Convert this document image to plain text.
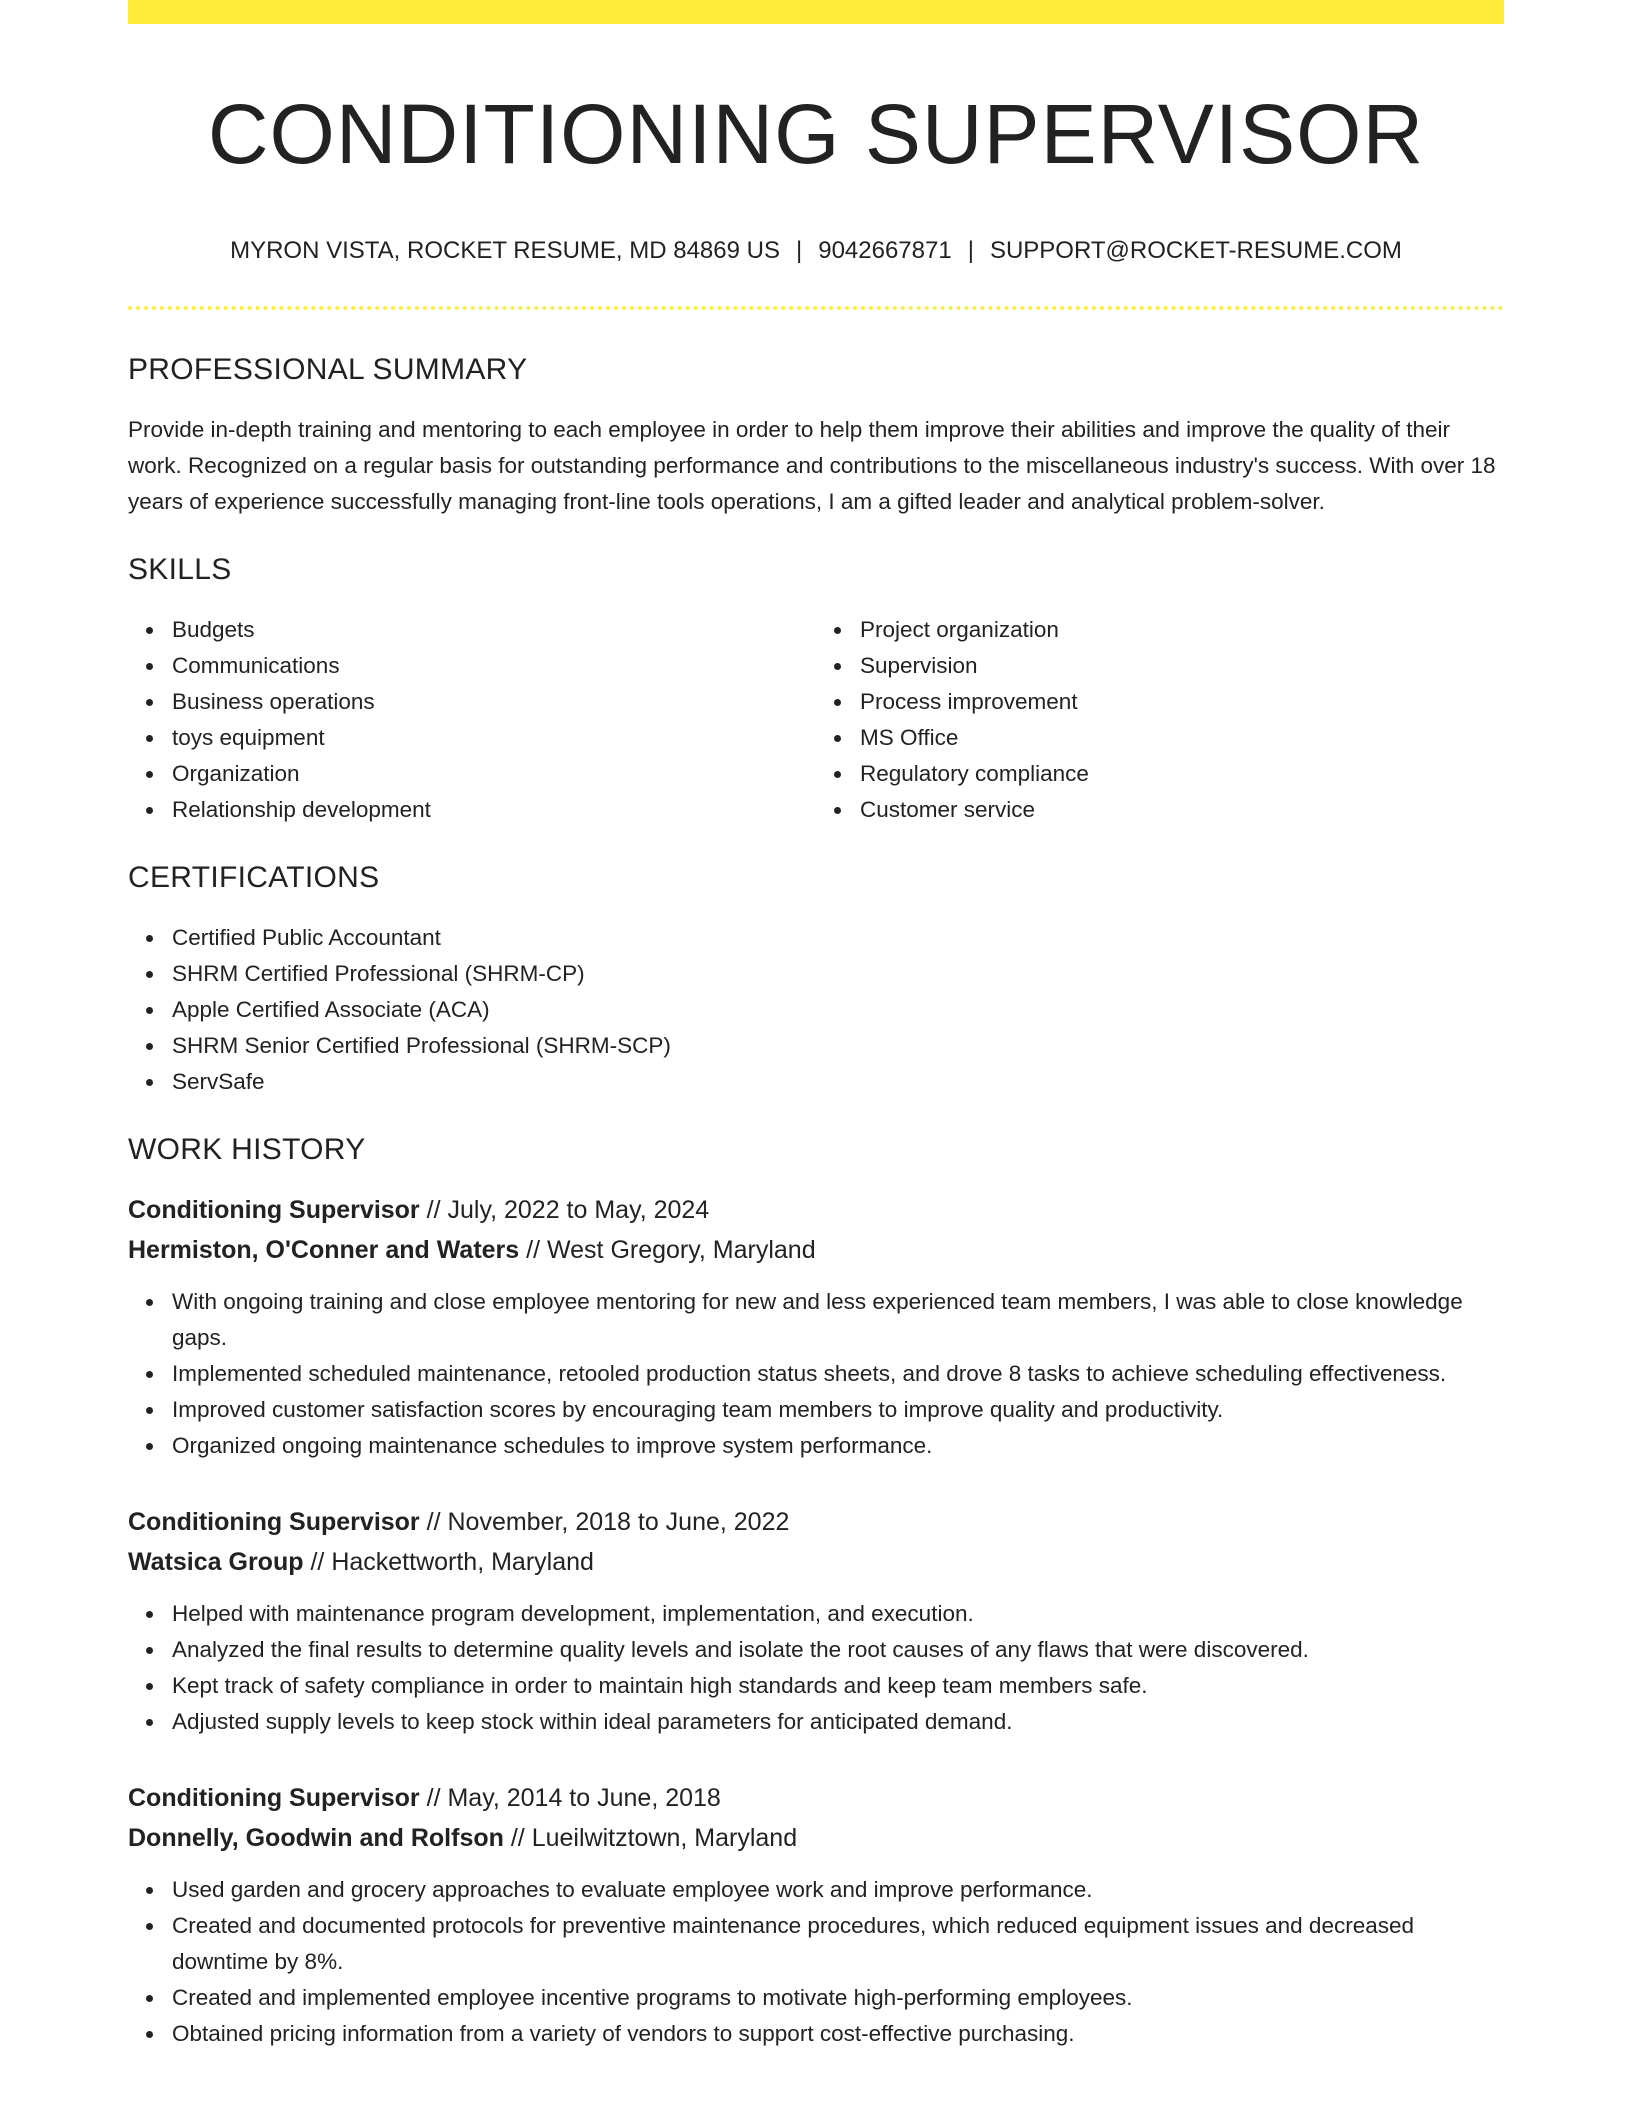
CONDITIONING SUPERVISOR
MYRON VISTA, ROCKET RESUME, MD 84869 US | 9042667871 | SUPPORT@ROCKET-RESUME.COM
PROFESSIONAL SUMMARY

Provide in-depth training and mentoring to each employee in order to help them improve their abilities and improve the quality of their work. Recognized on a regular basis for outstanding performance and contributions to the miscellaneous industry's success. With over 18 years of experience successfully managing front-line tools operations, I am a gifted leader and analytical problem-solver.

SKILLS
Budgets
Communications
Business operations
toys equipment
Organization
Relationship development
Project organization
Supervision
Process improvement
MS Office
Regulatory compliance
Customer service
CERTIFICATIONS
Certified Public Accountant
SHRM Certified Professional (SHRM-CP)
Apple Certified Associate (ACA)
SHRM Senior Certified Professional (SHRM-SCP)
ServSafe
WORK HISTORY
Conditioning Supervisor // July, 2022 to May, 2024
Hermiston, O'Conner and Waters // West Gregory, Maryland
With ongoing training and close employee mentoring for new and less experienced team members, I was able to close knowledge gaps.
Implemented scheduled maintenance, retooled production status sheets, and drove 8 tasks to achieve scheduling effectiveness.
Improved customer satisfaction scores by encouraging team members to improve quality and productivity.
Organized ongoing maintenance schedules to improve system performance.
Conditioning Supervisor // November, 2018 to June, 2022
Watsica Group // Hackettworth, Maryland
Helped with maintenance program development, implementation, and execution.
Analyzed the final results to determine quality levels and isolate the root causes of any flaws that were discovered.
Kept track of safety compliance in order to maintain high standards and keep team members safe.
Adjusted supply levels to keep stock within ideal parameters for anticipated demand.
Conditioning Supervisor // May, 2014 to June, 2018
Donnelly, Goodwin and Rolfson // Lueilwitztown, Maryland
Used garden and grocery approaches to evaluate employee work and improve performance.
Created and documented protocols for preventive maintenance procedures, which reduced equipment issues and decreased downtime by 8%.
Created and implemented employee incentive programs to motivate high-performing employees.
Obtained pricing information from a variety of vendors to support cost-effective purchasing.
